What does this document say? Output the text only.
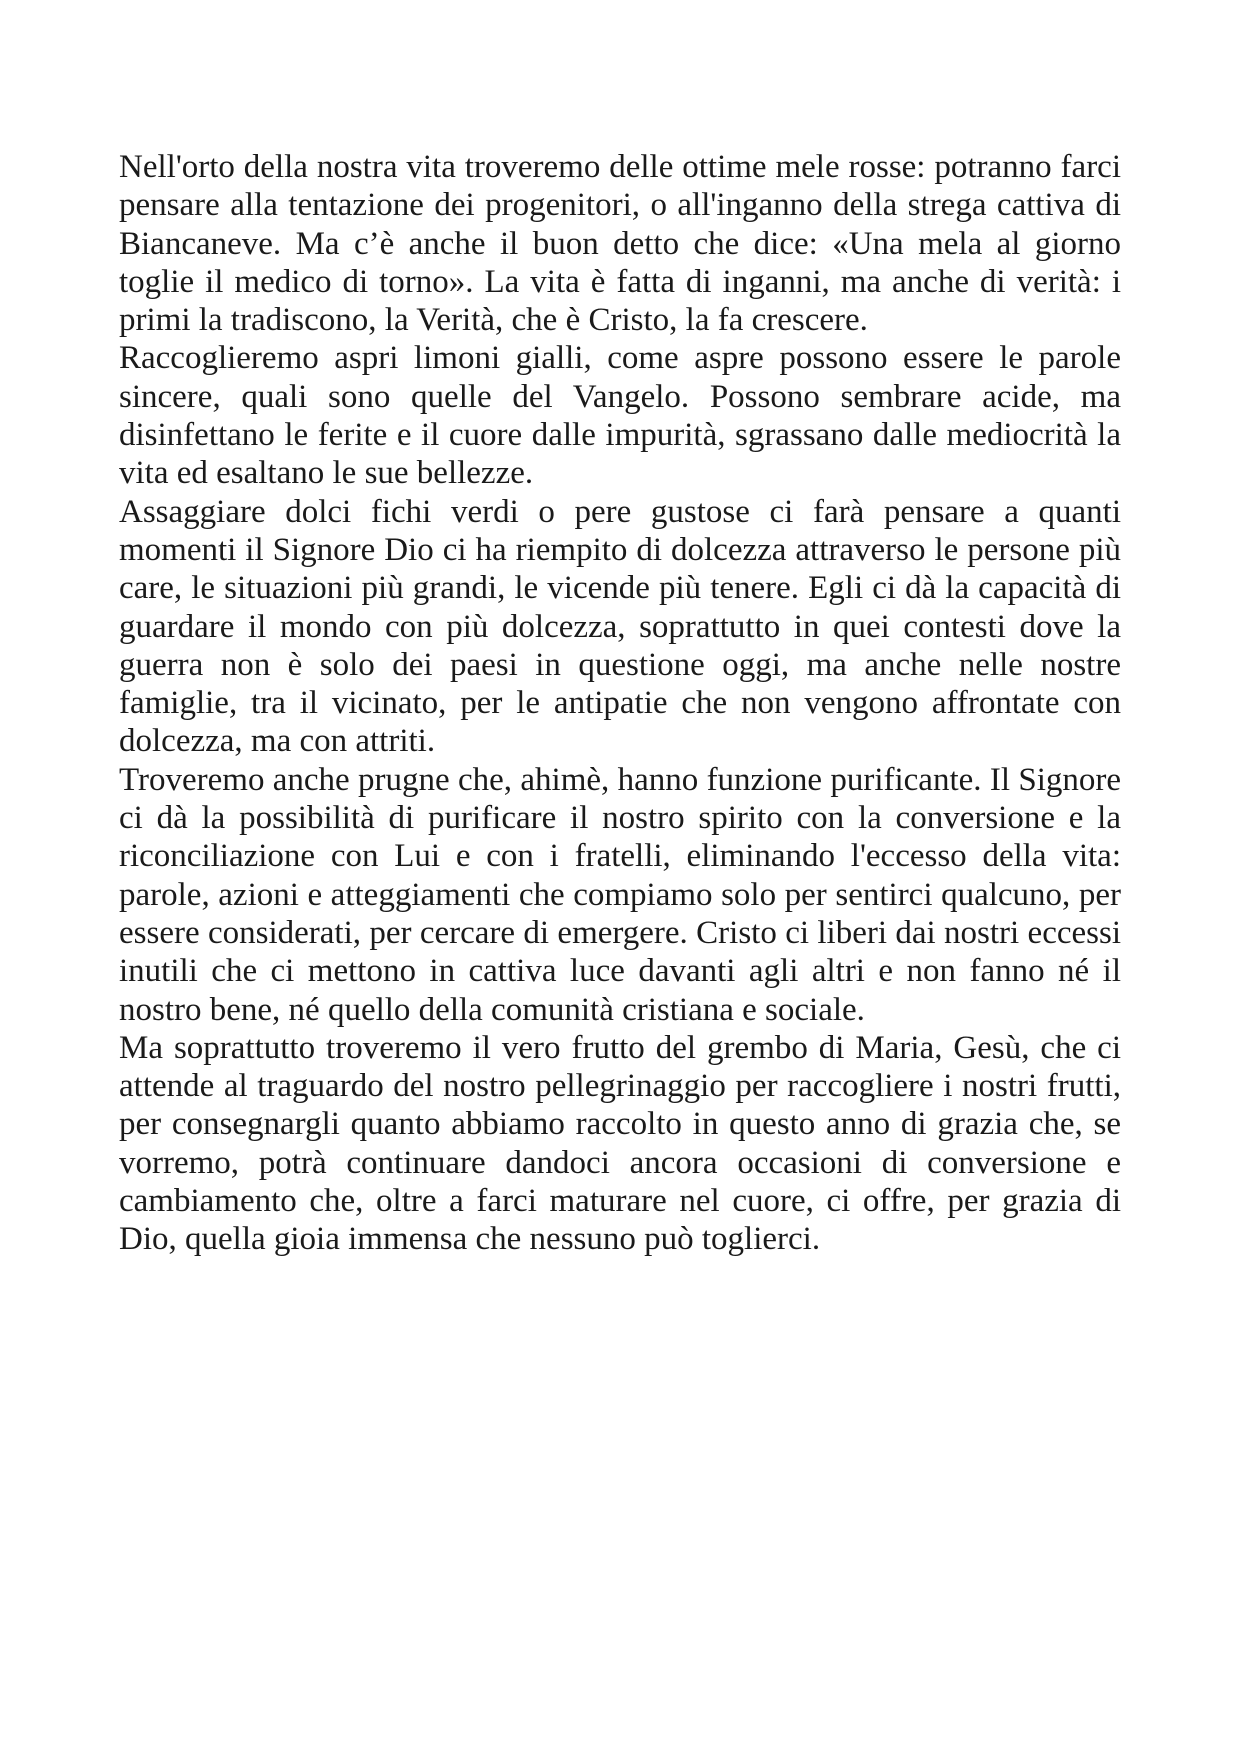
Nell'orto della nostra vita troveremo delle ottime mele rosse: potranno farci pensare alla tentazione dei progenitori, o all'inganno della strega cattiva di Biancaneve. Ma c’è anche il buon detto che dice: «Una mela al giorno toglie il medico di torno». La vita è fatta di inganni, ma anche di verità: i primi la tradiscono, la Verità, che è Cristo, la fa crescere.

Raccoglieremo aspri limoni gialli, come aspre possono essere le parole sincere, quali sono quelle del Vangelo. Possono sembrare acide, ma disinfettano le ferite e il cuore dalle impurità, sgrassano dalle mediocrità la vita ed esaltano le sue bellezze.

Assaggiare dolci fichi verdi o pere gustose ci farà pensare a quanti momenti il Signore Dio ci ha riempito di dolcezza attraverso le persone più care, le situazioni più grandi, le vicende più tenere. Egli ci dà la capacità di guardare il mondo con più dolcezza, soprattutto in quei contesti dove la guerra non è solo dei paesi in questione oggi, ma anche nelle nostre famiglie, tra il vicinato, per le antipatie che non vengono affrontate con dolcezza, ma con attriti.

Troveremo anche prugne che, ahimè, hanno funzione purificante. Il Signore ci dà la possibilità di purificare il nostro spirito con la conversione e la riconciliazione con Lui e con i fratelli, eliminando l'eccesso della vita: parole, azioni e atteggiamenti che compiamo solo per sentirci qualcuno, per essere considerati, per cercare di emergere. Cristo ci liberi dai nostri eccessi inutili che ci mettono in cattiva luce davanti agli altri e non fanno né il nostro bene, né quello della comunità cristiana e sociale.

Ma soprattutto troveremo il vero frutto del grembo di Maria, Gesù, che ci attende al traguardo del nostro pellegrinaggio per raccogliere i nostri frutti, per consegnargli quanto abbiamo raccolto in questo anno di grazia che, se vorremo, potrà continuare dandoci ancora occasioni di conversione e cambiamento che, oltre a farci maturare nel cuore, ci offre, per grazia di Dio, quella gioia immensa che nessuno può toglierci.
